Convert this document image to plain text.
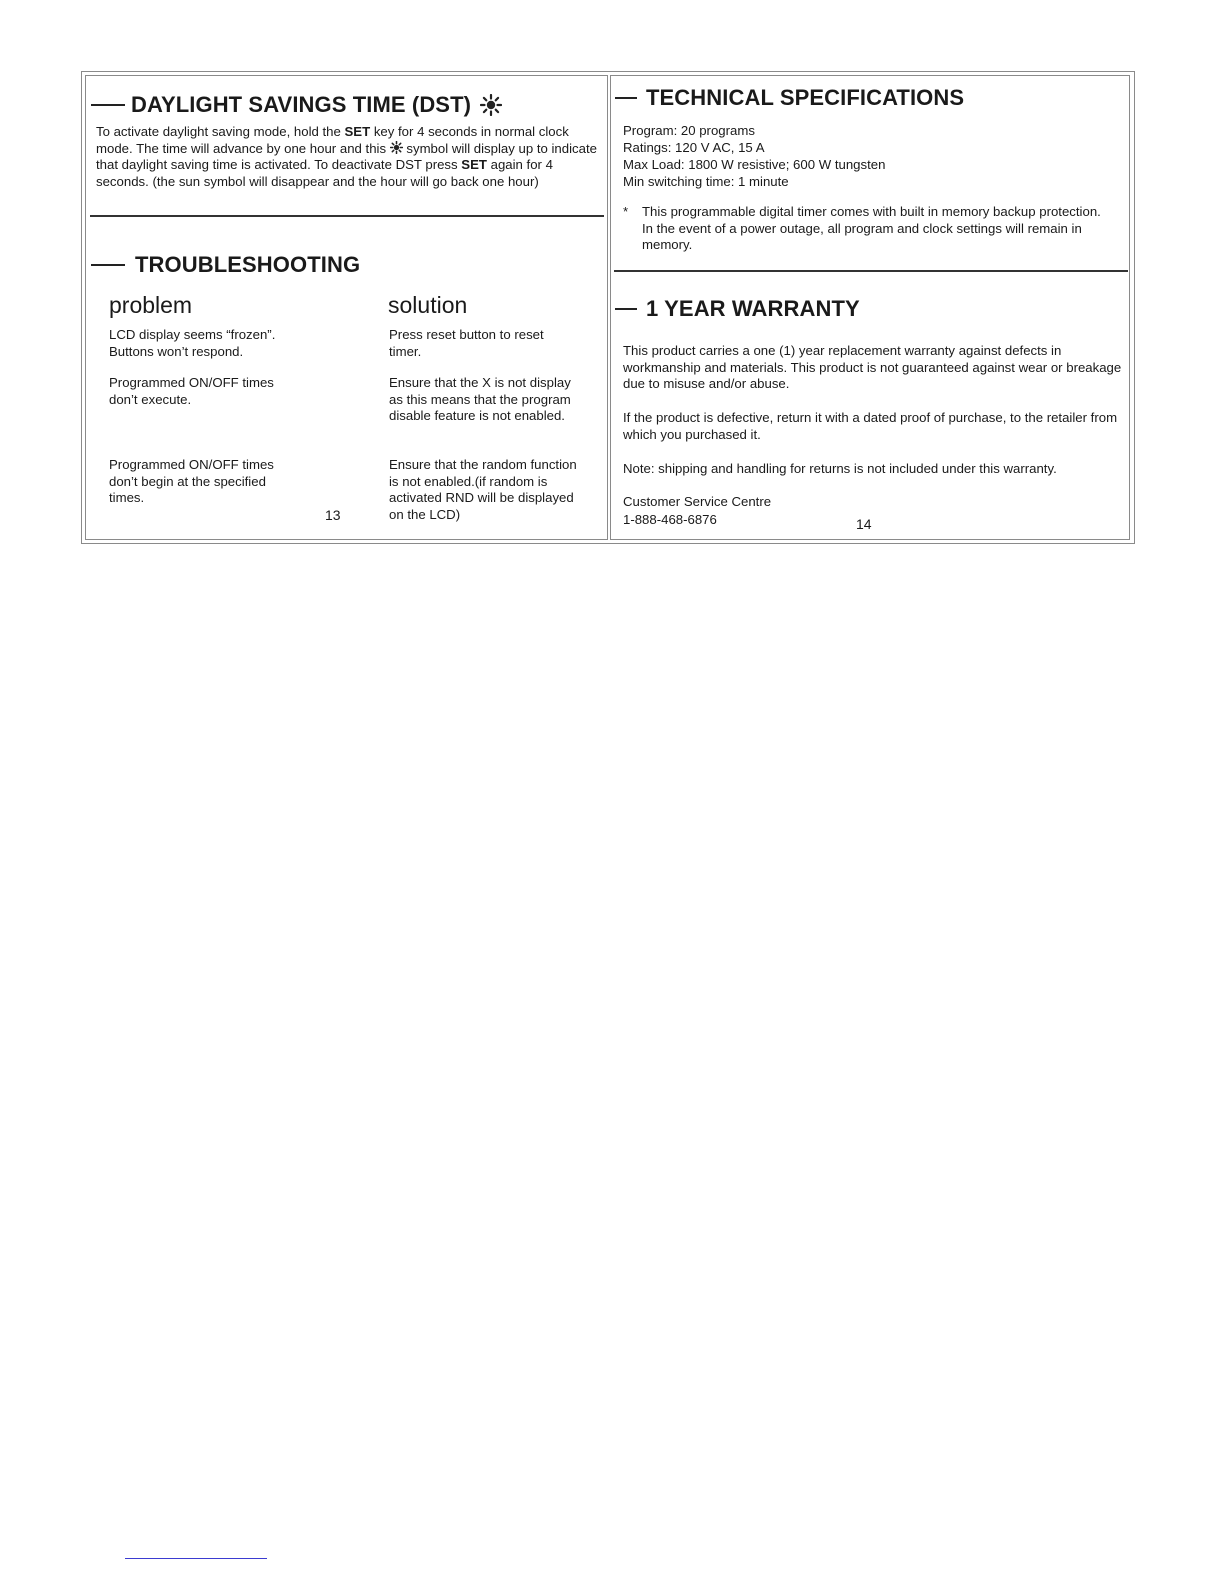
DAYLIGHT SAVINGS TIME (DST)

To activate daylight saving mode, hold the SET key for 4 seconds in normal clock mode. The time will advance by one hour and this  symbol will display up to indicate that daylight saving time is activated. To deactivate DST press SET again for 4 seconds. (the sun symbol will disappear and the hour will go back one hour)

TROUBLESHOOTING
problem	solution
LCD display seems “frozen”. Buttons won’t respond.
Press reset button to reset timer.
Programmed ON/OFF times don’t execute.
Ensure that the X is not display as this means that the program disable feature is not enabled.
Programmed ON/OFF times don’t begin at the specified times.
Ensure that the random function is not enabled.(if random is activated RND will be displayed on the LCD)
13
TECHNICAL SPECIFICATIONS
Program: 20 programs
Ratings: 120 V AC, 15 A
Max Load: 1800 W resistive; 600 W tungsten
Min switching time: 1 minute
* This programmable digital timer comes with built in memory backup protection. In the event of a power outage, all program and clock settings will remain in memory.
1 YEAR WARRANTY
This product carries a one (1) year replacement warranty against defects in workmanship and materials. This product is not guaranteed against wear or breakage due to misuse and/or abuse.
If the product is defective, return it with a dated proof of purchase, to the retailer from which you purchased it.
Note: shipping and handling for returns is not included under this warranty.
Customer Service Centre
1-888-468-6876	14
